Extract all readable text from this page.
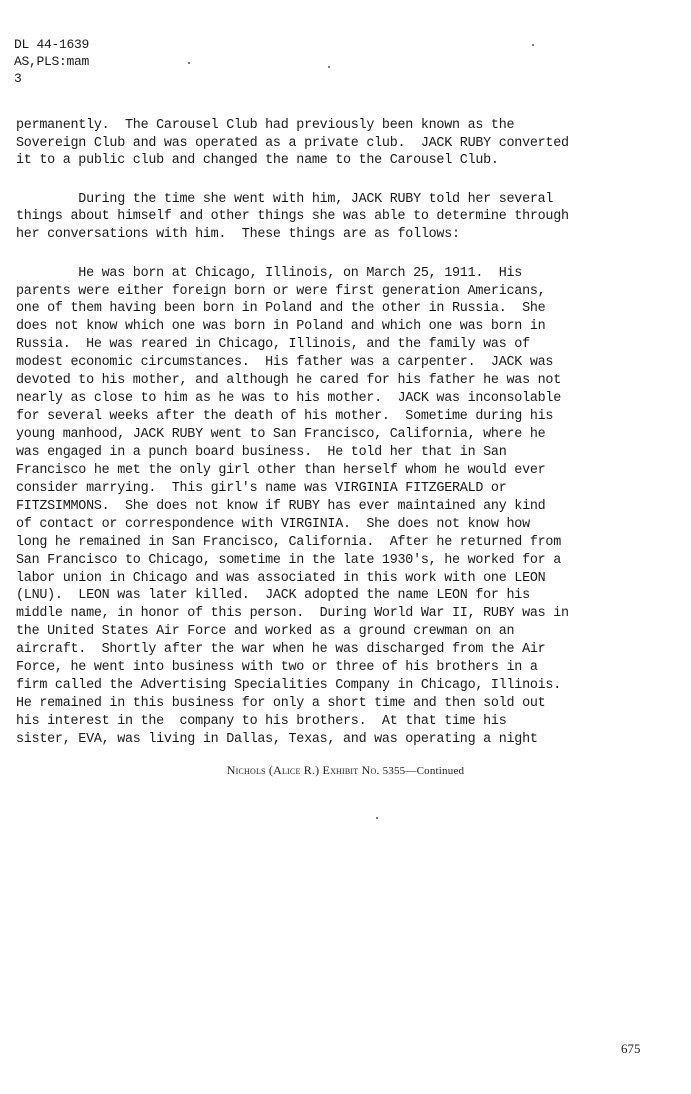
DL 44-1639
AS,PLS:mam
3
permanently.  The Carousel Club had previously been known as the
Sovereign Club and was operated as a private club.  JACK RUBY converted
it to a public club and changed the name to the Carousel Club.
During the time she went with him, JACK RUBY told her several
things about himself and other things she was able to determine through
her conversations with him.  These things are as follows:
He was born at Chicago, Illinois, on March 25, 1911.  His
parents were either foreign born or were first generation Americans,
one of them having been born in Poland and the other in Russia.  She
does not know which one was born in Poland and which one was born in
Russia.  He was reared in Chicago, Illinois, and the family was of
modest economic circumstances.  His father was a carpenter.  JACK was
devoted to his mother, and although he cared for his father he was not
nearly as close to him as he was to his mother.  JACK was inconsolable
for several weeks after the death of his mother.  Sometime during his
young manhood, JACK RUBY went to San Francisco, California, where he
was engaged in a punch board business.  He told her that in San
Francisco he met the only girl other than herself whom he would ever
consider marrying.  This girl's name was VIRGINIA FITZGERALD or
FITZSIMMONS.  She does not know if RUBY has ever maintained any kind
of contact or correspondence with VIRGINIA.  She does not know how
long he remained in San Francisco, California.  After he returned from
San Francisco to Chicago, sometime in the late 1930's, he worked for a
labor union in Chicago and was associated in this work with one LEON
(LNU).  LEON was later killed.  JACK adopted the name LEON for his
middle name, in honor of this person.  During World War II, RUBY was in
the United States Air Force and worked as a ground crewman on an
aircraft.  Shortly after the war when he was discharged from the Air
Force, he went into business with two or three of his brothers in a
firm called the Advertising Specialities Company in Chicago, Illinois.
He remained in this business for only a short time and then sold out
his interest in the  company to his brothers.  At that time his
sister, EVA, was living in Dallas, Texas, and was operating a night
Nichols (Alice R.) Exhibit No. 5355—Continued
675
